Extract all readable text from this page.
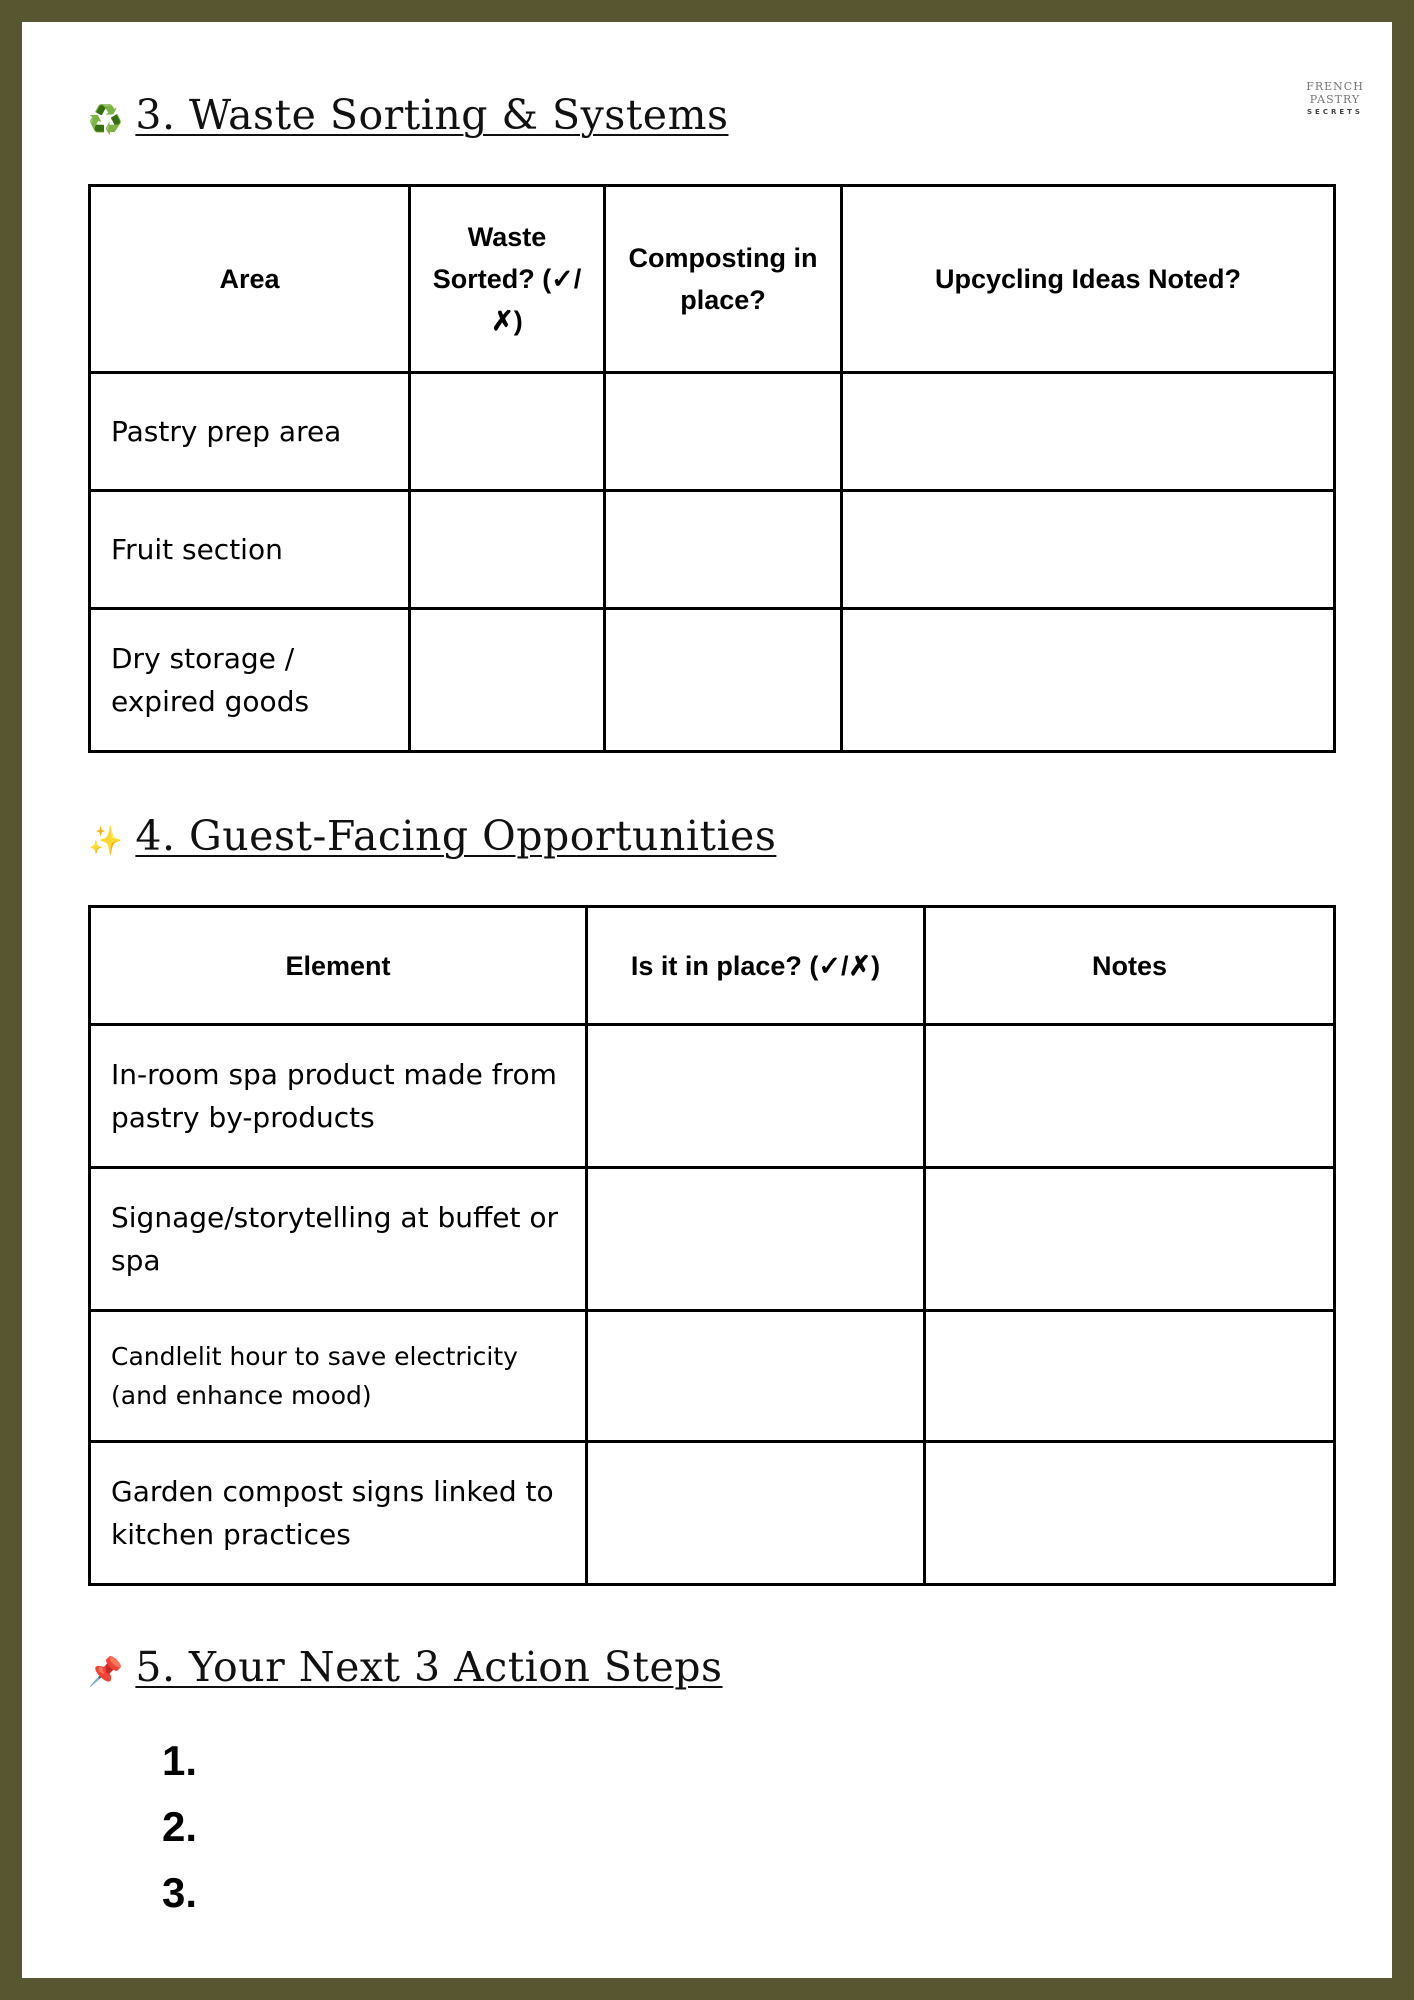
FRENCH PASTRY
SECRETS
♻️ 3. Waste Sorting & Systems
Area	Waste Sorted? (✓/✗)	Composting in place?	Upcycling Ideas Noted?
Pastry prep area			
Fruit section			
Dry storage / expired goods			
✨ 4. Guest-Facing Opportunities
Element	Is it in place? (✓/✗)	Notes
In-room spa product made from pastry by-products		
Signage/storytelling at buffet or spa		
Candlelit hour to save electricity (and enhance mood)		
Garden compost signs linked to kitchen practices		
📌 5. Your Next 3 Action Steps
1.
2.
3.
